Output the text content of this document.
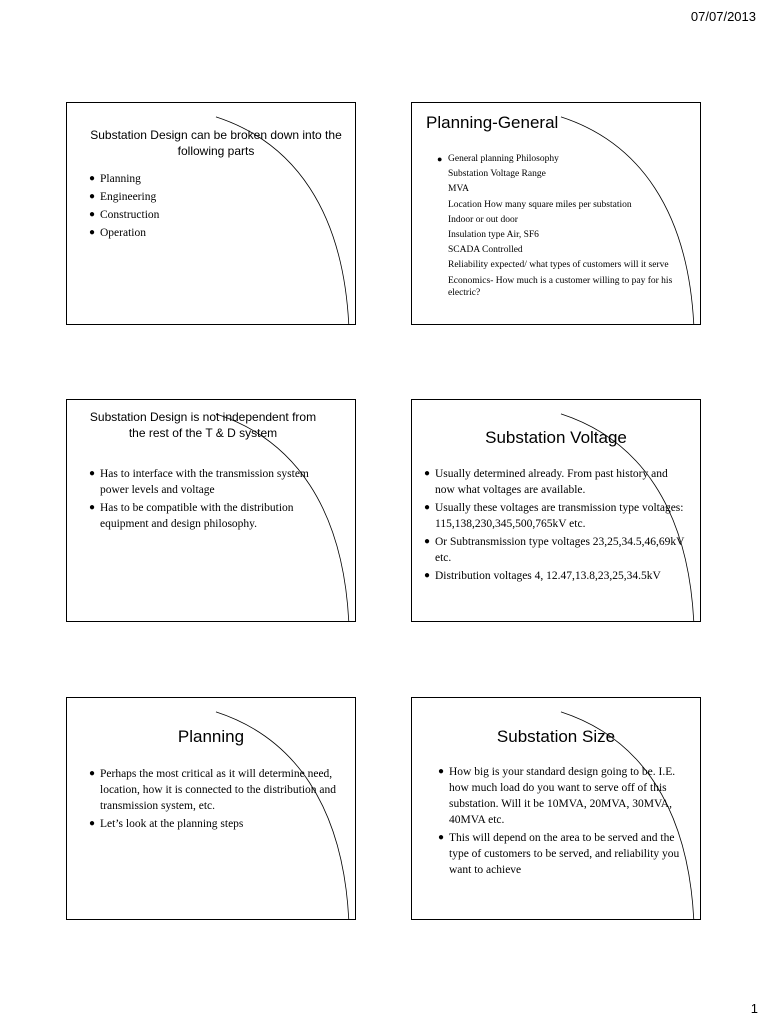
07/07/2013
Substation Design can be broken down into the following parts
● Planning
● Engineering
● Construction
● Operation
Planning-General
● General planning Philosophy
Substation Voltage Range
MVA
Location How many square miles per substation
Indoor or out door
Insulation type Air, SF6
SCADA Controlled
Reliability expected/ what types of customers will it serve
Economics- How much is a customer willing to pay for his electric?
Substation Design is not independent from the rest of the T & D system
● Has to interface with the transmission system power levels and voltage
● Has to be compatible with the distribution equipment and design philosophy.
Substation Voltage
● Usually determined already. From past history and now what voltages are available.
● Usually these voltages are transmission type voltages: 115,138,230,345,500,765kV etc.
● Or Subtransmission type voltages 23,25,34.5,46,69kV etc.
● Distribution voltages 4, 12.47,13.8,23,25,34.5kV
Planning
● Perhaps the most critical as it will determine need, location, how it is connected to the distribution and transmission system, etc.
● Let’s look at the planning steps
Substation Size
● How big is your standard design going to be. I.E. how much load do you want to serve off of this substation. Will it be 10MVA, 20MVA, 30MVA, 40MVA etc.
● This will depend on the area to be served and the type of customers to be served, and reliability you want to achieve
1
